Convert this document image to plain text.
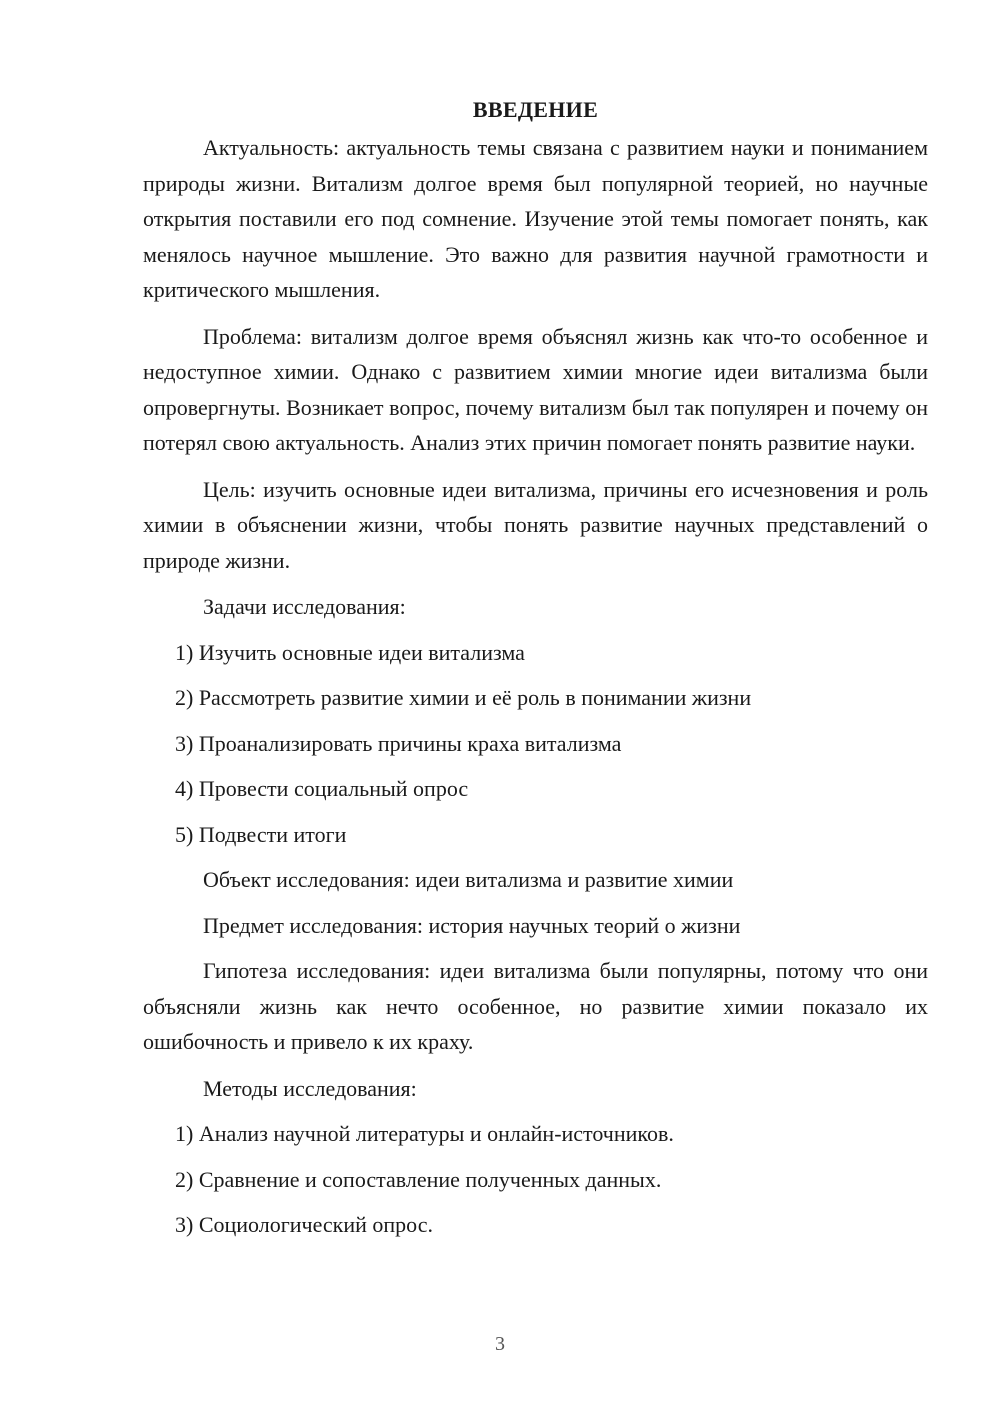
ВВЕДЕНИЕ

Актуальность: актуальность темы связана с развитием науки и пониманием природы жизни. Витализм долгое время был популярной теорией, но научные открытия поставили его под сомнение. Изучение этой темы помогает понять, как менялось научное мышление. Это важно для развития научной грамотности и критического мышления.

Проблема: витализм долгое время объяснял жизнь как что-то особенное и недоступное химии. Однако с развитием химии многие идеи витализма были опровергнуты. Возникает вопрос, почему витализм был так популярен и почему он потерял свою актуальность. Анализ этих причин помогает понять развитие науки.

Цель: изучить основные идеи витализма, причины его исчезновения и роль химии в объяснении жизни, чтобы понять развитие научных представлений о природе жизни.

Задачи исследования:
1) Изучить основные идеи витализма
2) Рассмотреть развитие химии и её роль в понимании жизни
3) Проанализировать причины краха витализма
4) Провести социальный опрос
5) Подвести итоги
Объект исследования: идеи витализма и развитие химии
Предмет исследования: история научных теорий о жизни

Гипотеза исследования: идеи витализма были популярны, потому что они объясняли жизнь как нечто особенное, но развитие химии показало их ошибочность и привело к их краху.

Методы исследования:
1) Анализ научной литературы и онлайн-источников.
2) Сравнение и сопоставление полученных данных.
3) Социологический опрос.
3
